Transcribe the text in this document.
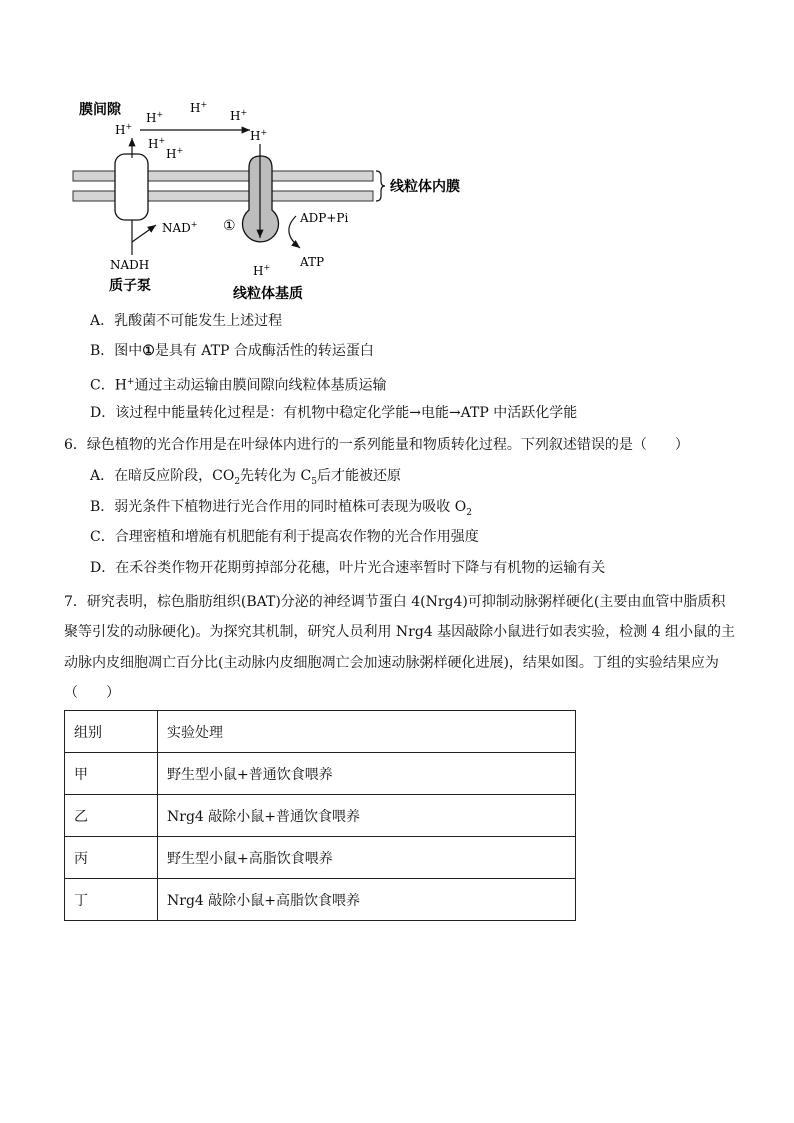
膜间隙
H+
H+ H+
H+
H+
H+
H+
H+
NAD+
NADH
质子泵
①	ADP+Pi
ATP
线粒体内膜
线粒体基质
A．乳酸菌不可能发生上述过程
B．图中①是具有 ATP 合成酶活性的转运蛋白
C．H+通过主动运输由膜间隙向线粒体基质运输
D．该过程中能量转化过程是：有机物中稳定化学能→电能→ATP 中活跃化学能
6．绿色植物的光合作用是在叶绿体内进行的一系列能量和物质转化过程。下列叙述错误的是（　　）
A．在暗反应阶段，$CO_2$先转化为 $C_5$后才能被还原
B．弱光条件下植物进行光合作用的同时植株可表现为吸收 $O_2$
C．合理密植和增施有机肥能有利于提高农作物的光合作用强度
D．在禾谷类作物开花期剪掉部分花穗，叶片光合速率暂时下降与有机物的运输有关
7．研究表明，棕色脂肪组织(BAT)分泌的神经调节蛋白 4(Nrg4)可抑制动脉粥样硬化(主要由血管中脂质积
聚等引发的动脉硬化)。为探究其机制，研究人员利用 Nrg4 基因敲除小鼠进行如表实验，检测 4 组小鼠的主
动脉内皮细胞凋亡百分比(主动脉内皮细胞凋亡会加速动脉粥样硬化进展)，结果如图。丁组的实验结果应为
（　　）
组别	实验处理
甲	野生型小鼠+普通饮食喂养
乙	Nrg4 敲除小鼠+普通饮食喂养
丙	野生型小鼠+高脂饮食喂养
丁	Nrg4 敲除小鼠+高脂饮食喂养
